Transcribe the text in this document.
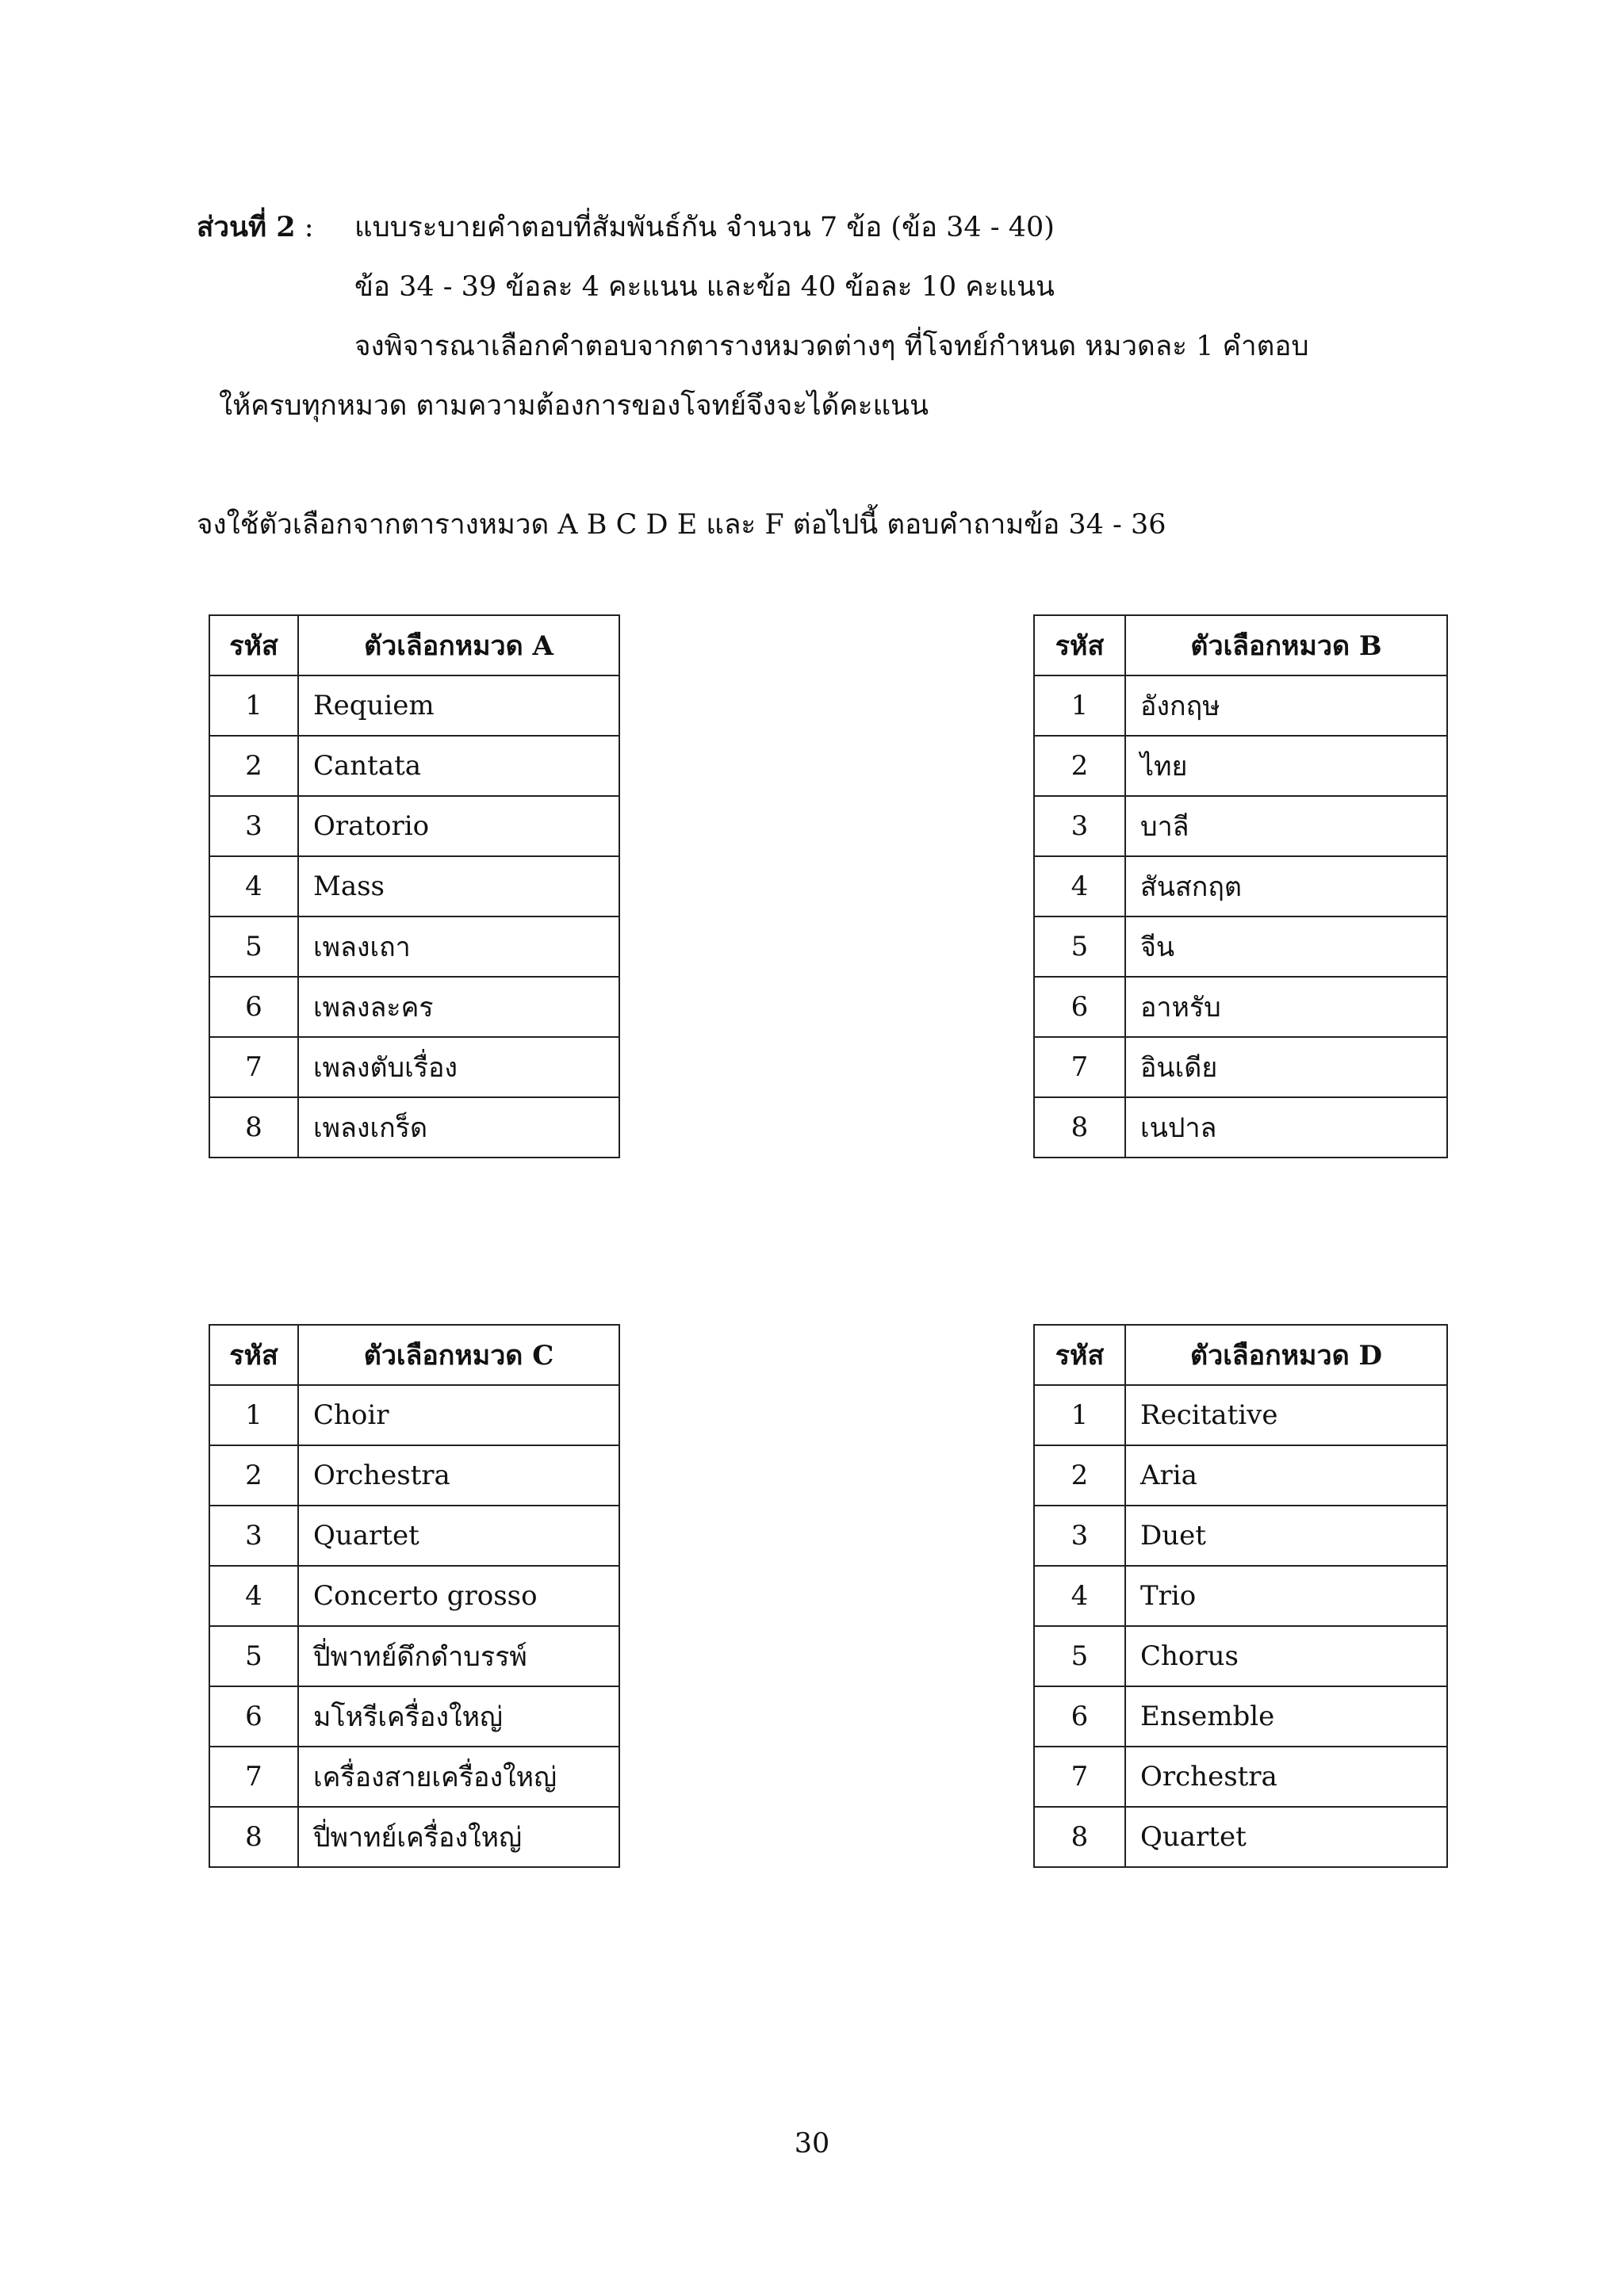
ส่วนที่ 2 : แบบระบายคำตอบที่สัมพันธ์กัน จำนวน 7 ข้อ (ข้อ 34 - 40)
ข้อ 34 - 39 ข้อละ 4 คะแนน และข้อ 40 ข้อละ 10 คะแนน
จงพิจารณาเลือกคำตอบจากตารางหมวดต่างๆ ที่โจทย์กำหนด หมวดละ 1 คำตอบ
ให้ครบทุกหมวด ตามความต้องการของโจทย์จึงจะได้คะแนน
จงใช้ตัวเลือกจากตารางหมวด A B C D E และ F ต่อไปนี้ ตอบคำถามข้อ 34 - 36
รหัส	ตัวเลือกหมวด A
1	Requiem
2	Cantata
3	Oratorio
4	Mass
5	เพลงเถา
6	เพลงละคร
7	เพลงตับเรื่อง
8	เพลงเกร็ด
รหัส	ตัวเลือกหมวด B
1	อังกฤษ
2	ไทย
3	บาลี
4	สันสกฤต
5	จีน
6	อาหรับ
7	อินเดีย
8	เนปาล
รหัส	ตัวเลือกหมวด C
1	Choir
2	Orchestra
3	Quartet
4	Concerto grosso
5	ปี่พาทย์ดึกดำบรรพ์
6	มโหรีเครื่องใหญ่
7	เครื่องสายเครื่องใหญ่
8	ปี่พาทย์เครื่องใหญ่
รหัส	ตัวเลือกหมวด D
1	Recitative
2	Aria
3	Duet
4	Trio
5	Chorus
6	Ensemble
7	Orchestra
8	Quartet
30
